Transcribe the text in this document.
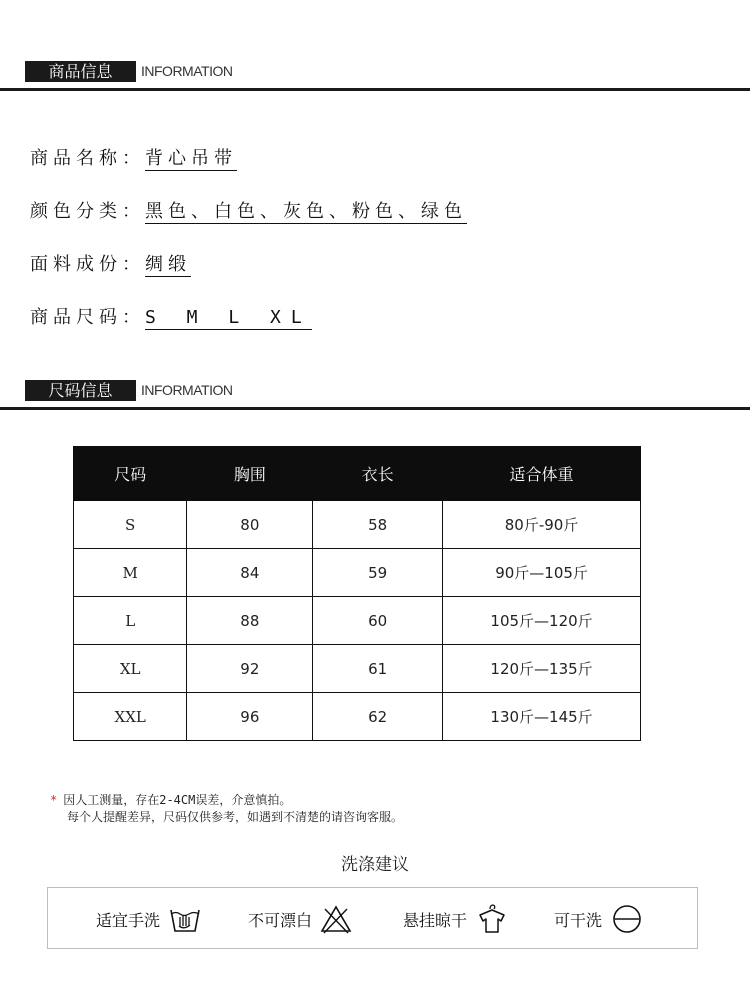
商品信息	INFORMATION
商品名称：背心吊带
颜色分类：黑色、白色、灰色、粉色、绿色
面料成份：绸缎
商品尺码：S M L XL
尺码信息	INFORMATION
尺码	胸围	衣长	适合体重
S	80	58	80斤-90斤
M	84	59	90斤—105斤
L	88	60	105斤—120斤
XL	92	61	120斤—135斤
XXL	96	62	130斤—145斤
* 因人工测量，存在2-4CM误差，介意慎拍。
每个人提醒差异，尺码仅供参考，如遇到不清楚的请咨询客服。
洗涤建议
适宜手洗	不可漂白	悬挂晾干	可干洗
